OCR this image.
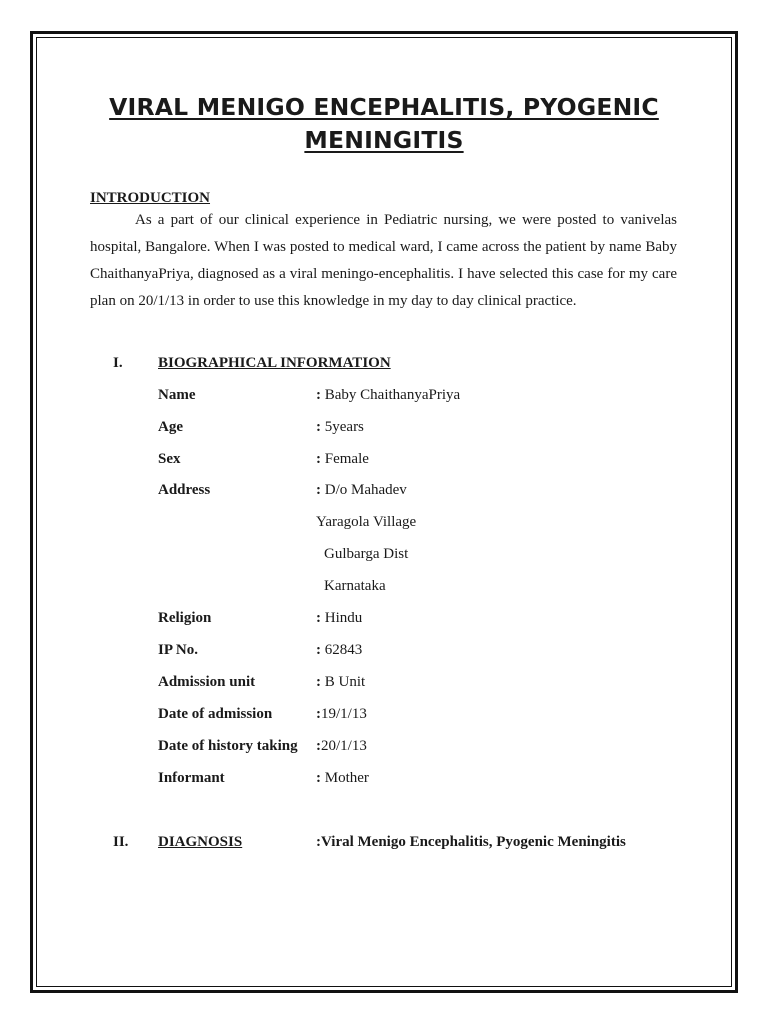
VIRAL MENIGO ENCEPHALITIS, PYOGENIC
MENINGITIS
INTRODUCTION

As a part of our clinical experience in Pediatric nursing, we were posted to vanivelas hospital, Bangalore. When I was posted to medical ward, I came across the patient by name Baby ChaithanyaPriya, diagnosed as a viral meningo-encephalitis. I have selected this case for my care plan on 20/1/13 in order to use this knowledge in my day to day clinical practice.

I. BIOGRAPHICAL INFORMATION
Name	: Baby ChaithanyaPriya
Age	: 5years
Sex	: Female
Address	: D/o Mahadev
Yaragola Village
Gulbarga Dist
Karnataka
Religion	: Hindu
IP No.	: 62843
Admission unit	: B Unit
Date of admission	:19/1/13
Date of history taking :20/1/13
Informant	: Mother
II. DIAGNOSIS	:Viral Menigo Encephalitis, Pyogenic Meningitis
